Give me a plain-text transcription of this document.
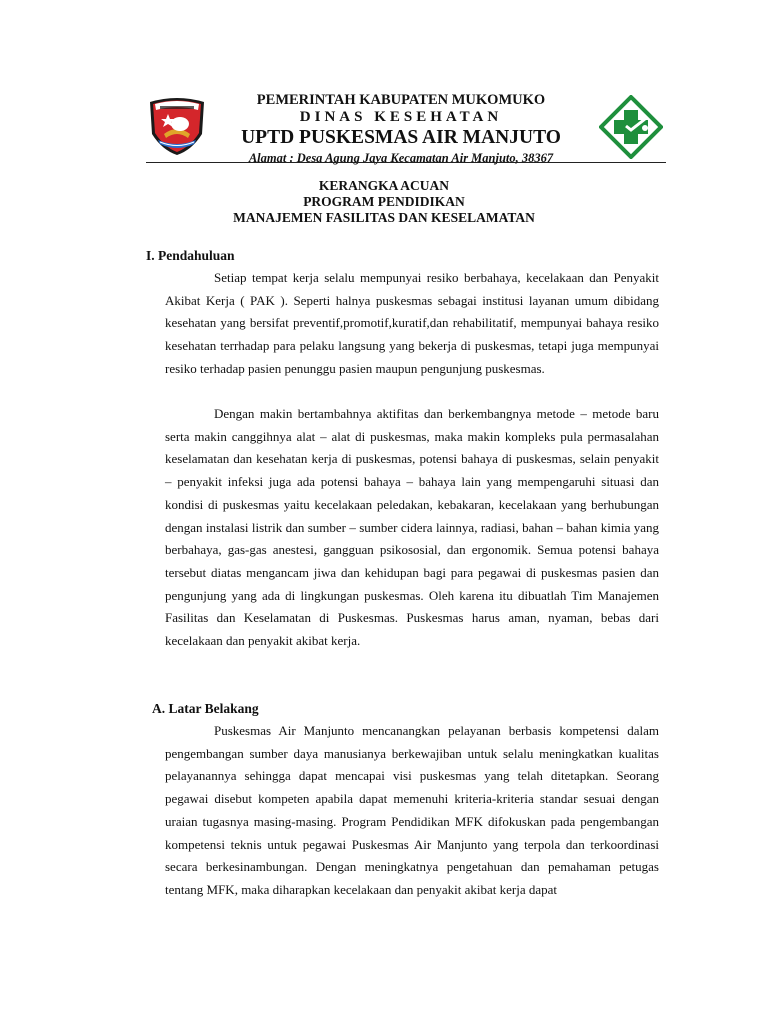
PEMERINTAH KABUPATEN MUKOMUKO
DINAS KESEHATAN
UPTD PUSKESMAS AIR MANJUTO
Alamat : Desa Agung Jaya Kecamatan Air Manjuto, 38367
KERANGKA ACUAN
PROGRAM PENDIDIKAN
MANAJEMEN FASILITAS DAN KESELAMATAN
I. Pendahuluan

Setiap tempat kerja selalu mempunyai resiko berbahaya, kecelakaan dan Penyakit Akibat Kerja ( PAK ). Seperti halnya puskesmas sebagai institusi layanan umum dibidang kesehatan yang bersifat preventif,promotif,kuratif,dan rehabilitatif, mempunyai bahaya resiko kesehatan terrhadap para pelaku langsung yang bekerja di puskesmas, tetapi juga mempunyai resiko terhadap pasien penunggu pasien maupun pengunjung puskesmas.

Dengan makin bertambahnya aktifitas dan berkembangnya metode – metode baru serta makin canggihnya alat – alat di puskesmas, maka makin kompleks pula permasalahan keselamatan dan kesehatan kerja di puskesmas, potensi bahaya di puskesmas, selain penyakit – penyakit infeksi juga ada potensi bahaya – bahaya lain yang mempengaruhi situasi dan kondisi di puskesmas yaitu kecelakaan peledakan, kebakaran, kecelakaan yang berhubungan dengan instalasi listrik dan sumber – sumber cidera lainnya, radiasi, bahan – bahan kimia yang berbahaya, gas-gas anestesi, gangguan psikososial, dan ergonomik. Semua potensi bahaya tersebut diatas mengancam jiwa dan kehidupan bagi para pegawai di puskesmas pasien dan pengunjung yang ada di lingkungan puskesmas. Oleh karena itu dibuatlah Tim Manajemen Fasilitas dan Keselamatan di Puskesmas. Puskesmas harus aman, nyaman, bebas dari kecelakaan dan penyakit akibat kerja.

A. Latar Belakang

Puskesmas Air Manjunto mencanangkan pelayanan berbasis kompetensi dalam pengembangan sumber daya manusianya berkewajiban untuk selalu meningkatkan kualitas pelayanannya sehingga dapat mencapai visi puskesmas yang telah ditetapkan. Seorang pegawai disebut kompeten apabila dapat memenuhi kriteria-kriteria standar sesuai dengan uraian tugasnya masing-masing. Program Pendidikan MFK difokuskan pada pengembangan kompetensi teknis untuk pegawai Puskesmas Air Manjunto yang terpola dan terkoordinasi secara berkesinambungan. Dengan meningkatnya pengetahuan dan pemahaman petugas tentang MFK, maka diharapkan kecelakaan dan penyakit akibat kerja dapat
